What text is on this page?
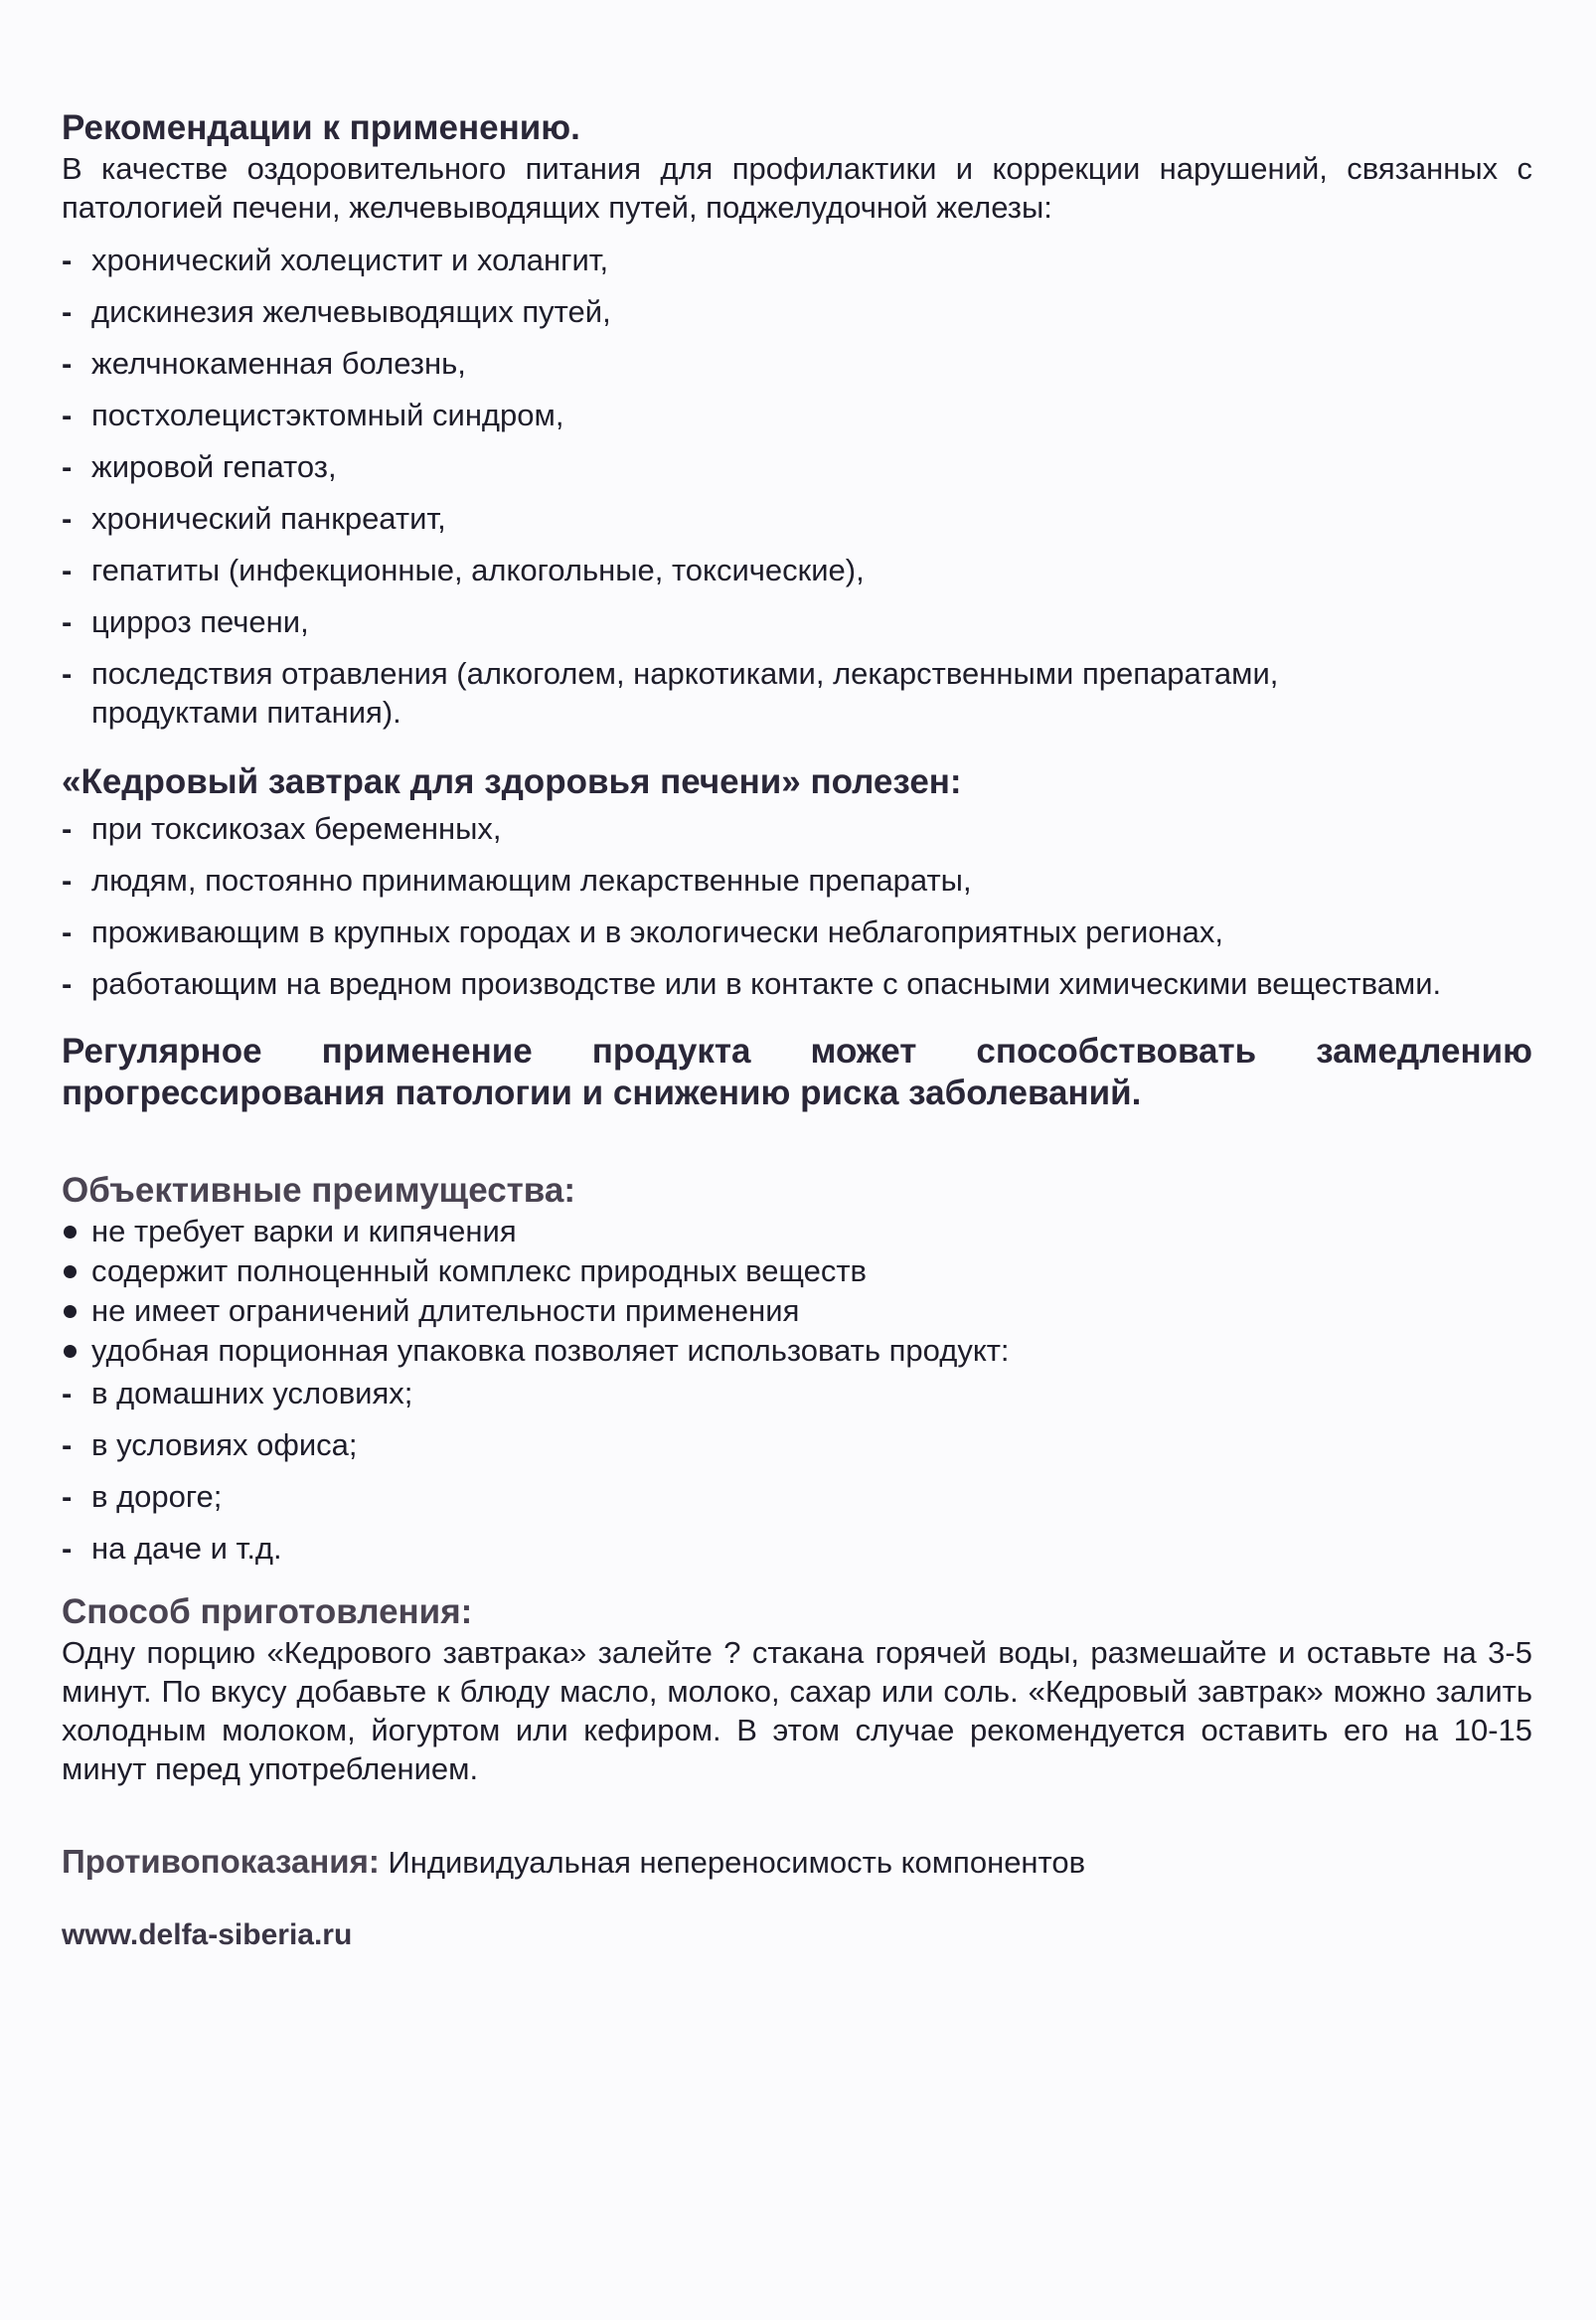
Рекомендации к применению.

В качестве оздоровительного питания для профилактики и коррекции нарушений, связанных с патологией печени, желчевыводящих путей, поджелудочной железы:

- хронический холецистит и холангит,
- дискинезия желчевыводящих путей,
- желчнокаменная болезнь,
- постхолецистэктомный синдром,
- жировой гепатоз,
- хронический панкреатит,
- гепатиты (инфекционные, алкогольные, токсические),
- цирроз печени,
- последствия отравления (алкоголем, наркотиками, лекарственными препаратами, продуктами питания).
«Кедровый завтрак для здоровья печени» полезен:
- при токсикозах беременных,
- людям, постоянно принимающим лекарственные препараты,
- проживающим в крупных городах и в экологически неблагоприятных регионах,
- работающим на вредном производстве или в контакте с опасными химическими веществами.

Регулярное применение продукта может способствовать замедлению прогрессирования патологии и снижению риска заболеваний.

Объективные преимущества:
не требует варки и кипячения
содержит полноценный комплекс природных веществ
не имеет ограничений длительности применения
удобная порционная упаковка позволяет использовать продукт:
- в домашних условиях;
- в условиях офиса;
- в дороге;
- на даче и т.д.
Способ приготовления:

Одну порцию «Кедрового завтрака» залейте ? стакана горячей воды, размешайте и оставьте на 3-5 минут. По вкусу добавьте к блюду масло, молоко, сахар или соль. «Кедровый завтрак» можно залить холодным молоком, йогуртом или кефиром. В этом случае рекомендуется оставить его на 10-15 минут перед употреблением.

Противопоказания: Индивидуальная непереносимость компонентов

www.delfa-siberia.ru
